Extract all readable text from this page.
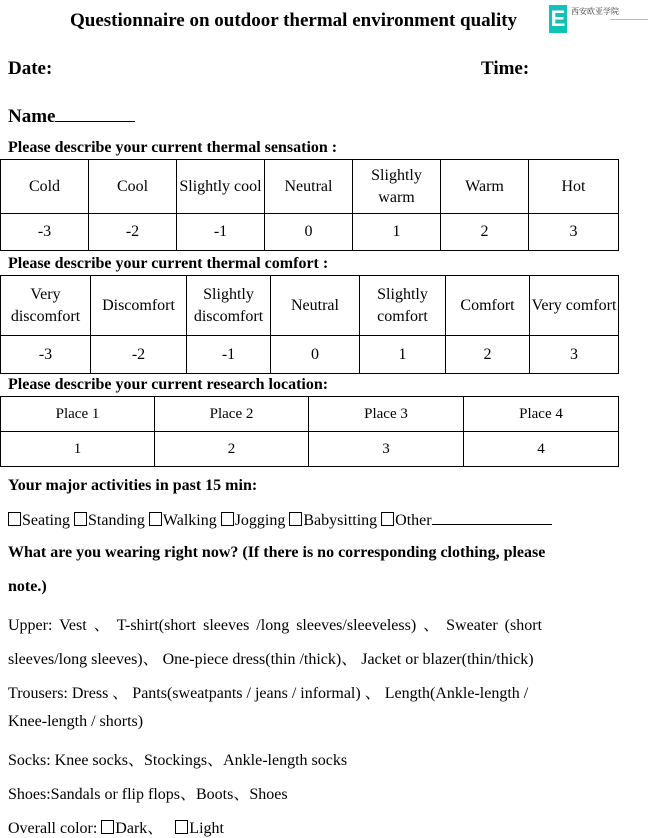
Questionnaire on outdoor thermal environment quality E 西安欧亚学院
Date:	Time:
Name
Please describe your current thermal sensation :
Cold	Cool	Slightly cool	Neutral	Slightly warm	Warm	Hot
-3	-2	-1	0	1	2	3
Please describe your current thermal comfort :
Very discomfort	Discomfort	Slightly discomfort	Neutral	Slightly comfort	Comfort	Very comfort
-3	-2	-1	0	1	2	3
Please describe your current research location:
Place 1	Place 2	Place 3	Place 4
1	2	3	4
Your major activities in past 15 min:
Seating Standing Walking Jogging Babysitting Other
What are you wearing right now? (If there is no corresponding clothing, please
note.)
Upper: Vest 、 T-shirt(short sleeves /long sleeves/sleeveless) 、 Sweater (short
sleeves/long sleeves)、 One-piece dress(thin /thick)、 Jacket or blazer(thin/thick)
Trousers: Dress 、 Pants(sweatpants / jeans / informal) 、 Length(Ankle-length /
Knee-length / shorts)
Socks: Knee socks、Stockings、Ankle-length socks
Shoes:Sandals or flip flops、Boots、Shoes
Overall color: Dark、 Light
